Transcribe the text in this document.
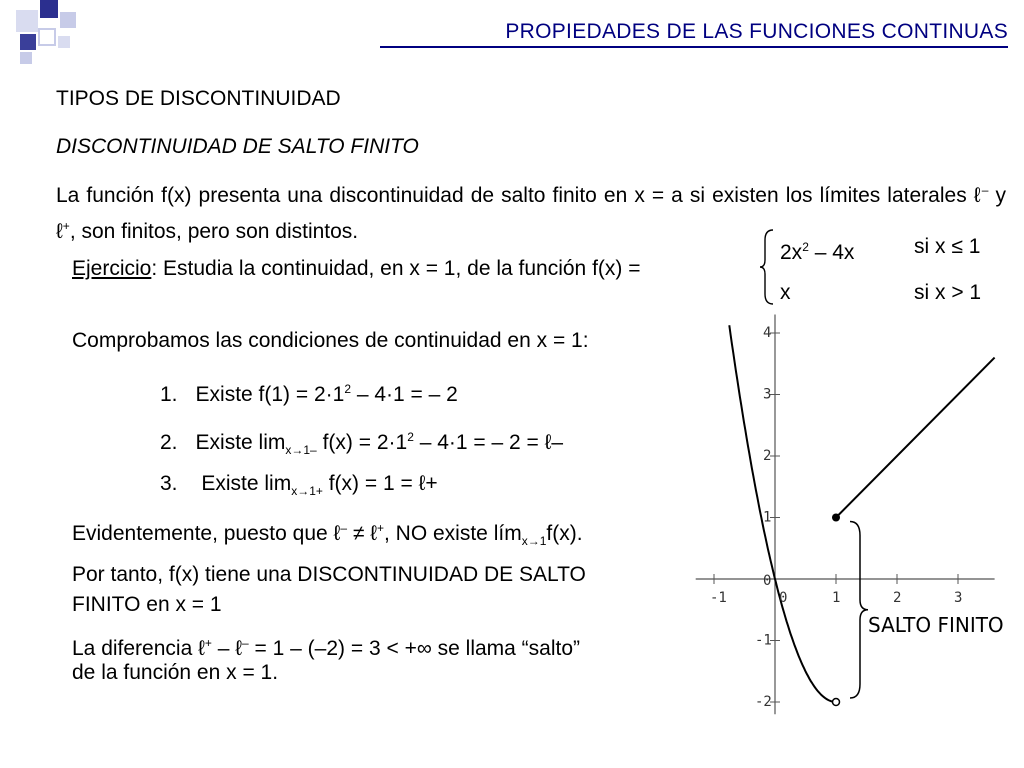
PROPIEDADES DE LAS FUNCIONES CONTINUAS
TIPOS DE DISCONTINUIDAD
DISCONTINUIDAD DE SALTO FINITO
La función f(x) presenta una discontinuidad de salto finito en x = a si existen los límites laterales ℓ– y ℓ+, son finitos, pero son distintos.
Ejercicio: Estudia la continuidad, en x = 1, de la función f(x) =
$2x^2 - 4x$	si x ≤ 1
x	si x > 1
Comprobamos las condiciones de continuidad en x = 1:
1. Existe $f(1) = 2\cdot 1^2 - 4\cdot 1$ = – 2
2. Existe $\lim_{x\to 1-} f(x) = 2\cdot 1^2 - 4\cdot 1$ = – 2 = ℓ–
3. Existe $\lim_{x\to 1+} f(x) = 1$ = ℓ+
Evidentemente, puesto que ℓ– ≠ ℓ+, NO existe lím$_{x\to 1}$f(x).
Por tanto, f(x) tiene una DISCONTINUIDAD DE SALTO
FINITO en x = 1
La diferencia ℓ+ – ℓ– = 1 – (–2) = 3 < +∞ se llama “salto”
de la función en x = 1.
-1	0	1	2	3
4
3
2
1
0
-1
-2
SALTO FINITO
